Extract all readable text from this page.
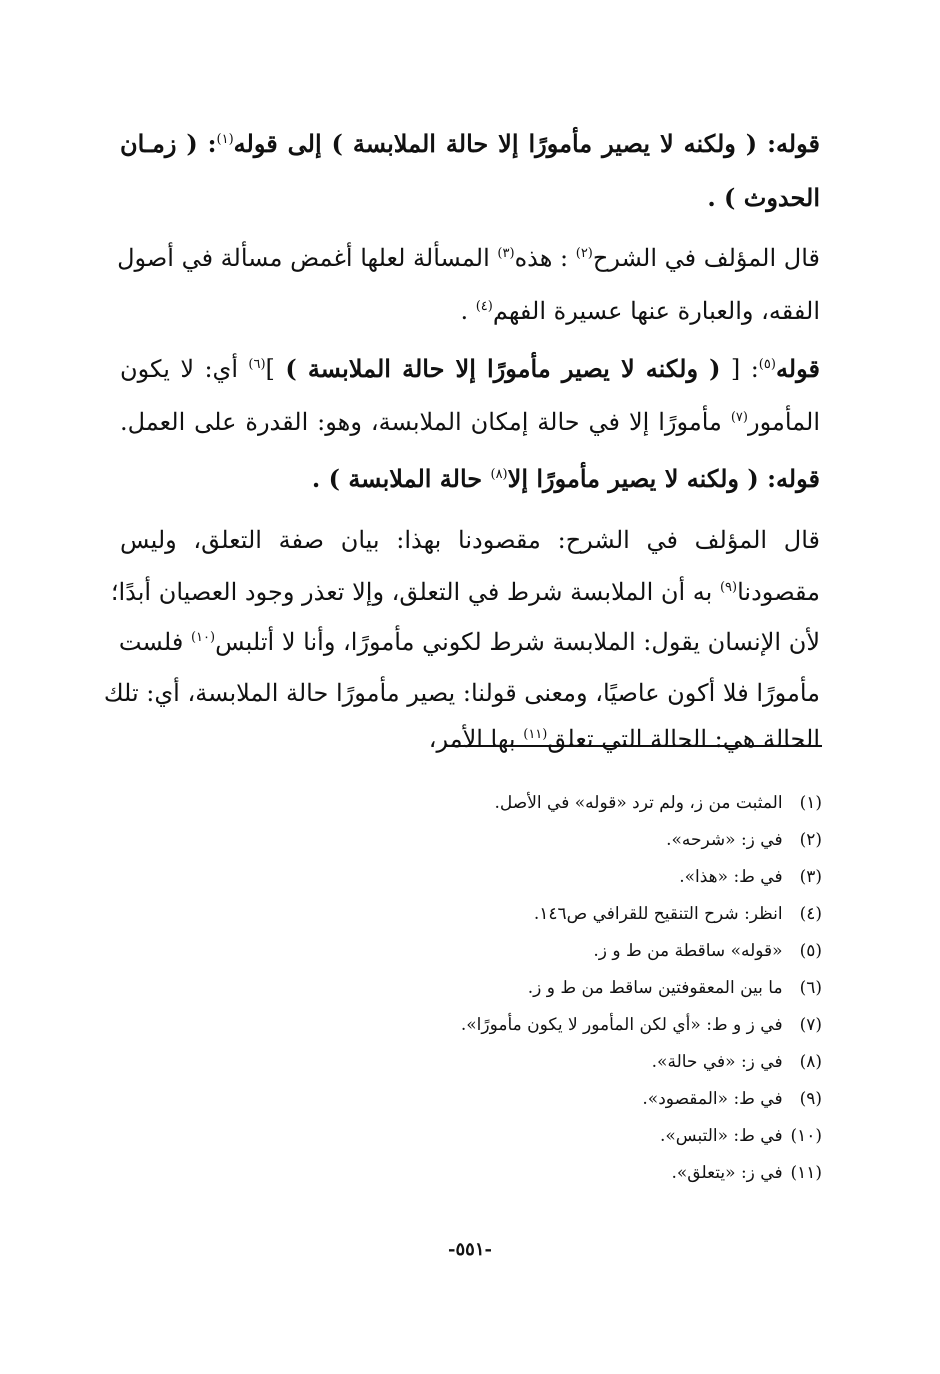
قوله: ( ولكنه لا يصير مأمورًا إلا حالة الملابسة ) إلى قوله$^{(١)}$: ( زمـان
الحدوث ) .
قال المؤلف في الشرح$^{(٢)}$ : هذه$^{(٣)}$ المسألة لعلها أغمض مسألة في أصول
الفقه، والعبارة عنها عسيرة الفهم$^{(٤)}$ .
قوله$^{(٥)}$: [ ( ولكنه لا يصير مأمورًا إلا حالة الملابسة ) ]$^{(٦)}$ أي: لا يكون
المأمور$^{(٧)}$ مأمورًا إلا في حالة إمكان الملابسة، وهو: القدرة على العمل.
قوله: ( ولكنه لا يصير مأمورًا إلا$^{(٨)}$ حالة الملابسة ) .
قال المؤلف في الشرح: مقصودنا بهذا: بيان صفة التعلق، وليس
مقصودنا$^{(٩)}$ به أن الملابسة شرط في التعلق، وإلا تعذر وجود العصيان أبدًا؛
لأن الإنسان يقول: الملابسة شرط لكوني مأمورًا، وأنا لا أتلبس$^{(١٠)}$ فلست
مأمورًا فلا أكون عاصيًا، ومعنى قولنا: يصير مأمورًا حالة الملابسة، أي: تلك
الحالة هي: الحالة التي تعلق$^{(١١)}$ بها الأمر،
(١) المثبت من ز، ولم ترد «قوله» في الأصل.
(٢) في ز: «شرحه».
(٣) في ط: «هذا».
(٤) انظر: شرح التنقيح للقرافي ص١٤٦.
(٥) «قوله» ساقطة من ط و ز.
(٦) ما بين المعقوفتين ساقط من ط و ز.
(٧) في ز و ط: «أي لكن المأمور لا يكون مأمورًا».
(٨) في ز: «في حالة».
(٩) في ط: «المقصود».
(١٠) في ط: «التبس».
(١١) في ز: «يتعلق».
-٥٥١-
